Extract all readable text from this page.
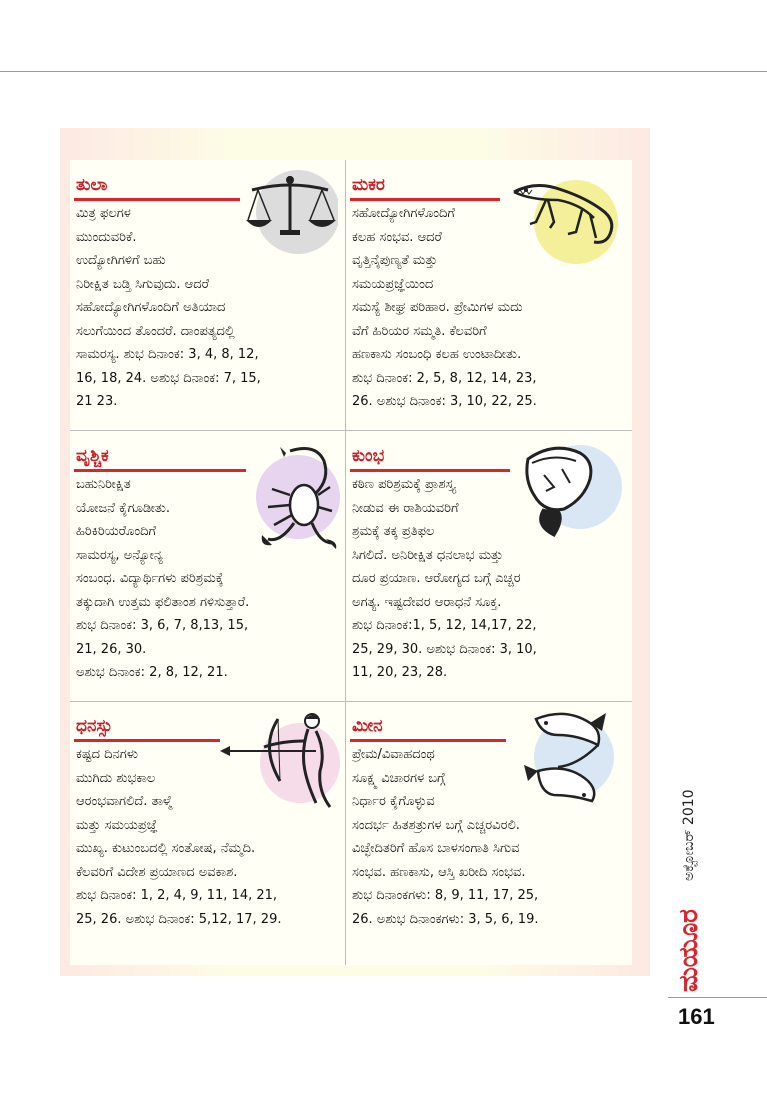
ತುಲಾ
ಮಿತ್ರ ಫಲಗಳ
ಮುಂದುವರಿಕೆ.
ಉದ್ಯೋಗಿಗಳಿಗೆ ಬಹು
ನಿರೀಕ್ಷಿತ ಬಡ್ತಿ ಸಿಗುವುದು. ಆದರೆ
ಸಹೋದ್ಯೋಗಿಗಳೊಂದಿಗೆ ಅತಿಯಾದ
ಸಲುಗೆಯಿಂದ ತೊಂದರೆ. ದಾಂಪತ್ಯದಲ್ಲಿ
ಸಾಮರಸ್ಯ. ಶುಭ ದಿನಾಂಕ: 3, 4, 8, 12,
16, 18, 24. ಅಶುಭ ದಿನಾಂಕ: 7, 15,
21 23.
ಮಕರ
ಸಹೋದ್ಯೋಗಿಗಳೊಂದಿಗೆ
ಕಲಹ ಸಂಭವ. ಆದರೆ
ವೃತ್ತಿನೈಪುಣ್ಯತೆ ಮತ್ತು
ಸಮಯಪ್ರಜ್ಞೆಯಿಂದ
ಸಮಸ್ಯೆ ಶೀಘ್ರ ಪರಿಹಾರ. ಪ್ರೇಮಿಗಳ ಮದು
ವೆಗೆ ಹಿರಿಯರ ಸಮ್ಮತಿ. ಕೆಲವರಿಗೆ
ಹಣಕಾಸು ಸಂಬಂಧಿ ಕಲಹ ಉಂಟಾದೀತು.
ಶುಭ ದಿನಾಂಕ: 2, 5, 8, 12, 14, 23,
26. ಅಶುಭ ದಿನಾಂಕ: 3, 10, 22, 25.
ವೃಶ್ಚಿಕ
ಬಹುನಿರೀಕ್ಷಿತ
ಯೋಜನೆ ಕೈಗೂಡೀತು.
ಹಿರಿಕಿರಿಯರೊಂದಿಗೆ
ಸಾಮರಸ್ಯ, ಅನ್ಯೋನ್ಯ
ಸಂಬಂಧ. ವಿದ್ಯಾರ್ಥಿಗಳು ಪರಿಶ್ರಮಕ್ಕೆ
ತಕ್ಕುದಾಗಿ ಉತ್ತಮ ಫಲಿತಾಂಶ ಗಳಿಸುತ್ತಾರೆ.
ಶುಭ ದಿನಾಂಕ: 3, 6, 7, 8,13, 15,
21, 26, 30.
ಅಶುಭ ದಿನಾಂಕ: 2, 8, 12, 21.
ಕುಂಭ
ಕಠಿಣ ಪರಿಶ್ರಮಕ್ಕೆ ಪ್ರಾಶಸ್ತ್ಯ
ನೀಡುವ ಈ ರಾಶಿಯವರಿಗೆ
ಶ್ರಮಕ್ಕೆ ತಕ್ಕ ಪ್ರತಿಫಲ
ಸಿಗಲಿದೆ. ಅನಿರೀಕ್ಷಿತ ಧನಲಾಭ ಮತ್ತು
ದೂರ ಪ್ರಯಾಣ. ಆರೋಗ್ಯದ ಬಗ್ಗೆ ಎಚ್ಚರ
ಅಗತ್ಯ. ಇಷ್ಟದೇವರ ಆರಾಧನೆ ಸೂಕ್ತ.
ಶುಭ ದಿನಾಂಕ:1, 5, 12, 14,17, 22,
25, 29, 30. ಅಶುಭ ದಿನಾಂಕ: 3, 10,
11, 20, 23, 28.
ಧನಸ್ಸು
ಕಷ್ಟದ ದಿನಗಳು
ಮುಗಿದು ಶುಭಕಾಲ
ಆರಂಭವಾಗಲಿದೆ. ತಾಳ್ಮೆ
ಮತ್ತು ಸಮಯಪ್ರಜ್ಞೆ
ಮುಖ್ಯ. ಕುಟುಂಬದಲ್ಲಿ ಸಂತೋಷ, ನೆಮ್ಮದಿ.
ಕೆಲವರಿಗೆ ವಿದೇಶ ಪ್ರಯಾಣದ ಅವಕಾಶ.
ಶುಭ ದಿನಾಂಕ: 1, 2, 4, 9, 11, 14, 21,
25, 26. ಅಶುಭ ದಿನಾಂಕ: 5,12, 17, 29.
ಮೀನ
ಪ್ರೇಮ/ವಿವಾಹದಂಥ
ಸೂಕ್ಷ್ಮ ವಿಚಾರಗಳ ಬಗ್ಗೆ
ನಿರ್ಧಾರ ಕೈಗೊಳ್ಳುವ
ಸಂದರ್ಭ ಹಿತಶತ್ರುಗಳ ಬಗ್ಗೆ ಎಚ್ಚರವಿರಲಿ.
ವಿಚ್ಛೇದಿತರಿಗೆ ಹೊಸ ಬಾಳಸಂಗಾತಿ ಸಿಗುವ
ಸಂಭವ. ಹಣಕಾಸು, ಆಸ್ತಿ ಖರೀದಿ ಸಂಭವ.
ಶುಭ ದಿನಾಂಕಗಳು: 8, 9, 11, 17, 25,
26. ಅಶುಭ ದಿನಾಂಕಗಳು: 3, 5, 6, 19.
ಅಕ್ಟೋಬರ್ 2010
ಮಯೂರ
161
